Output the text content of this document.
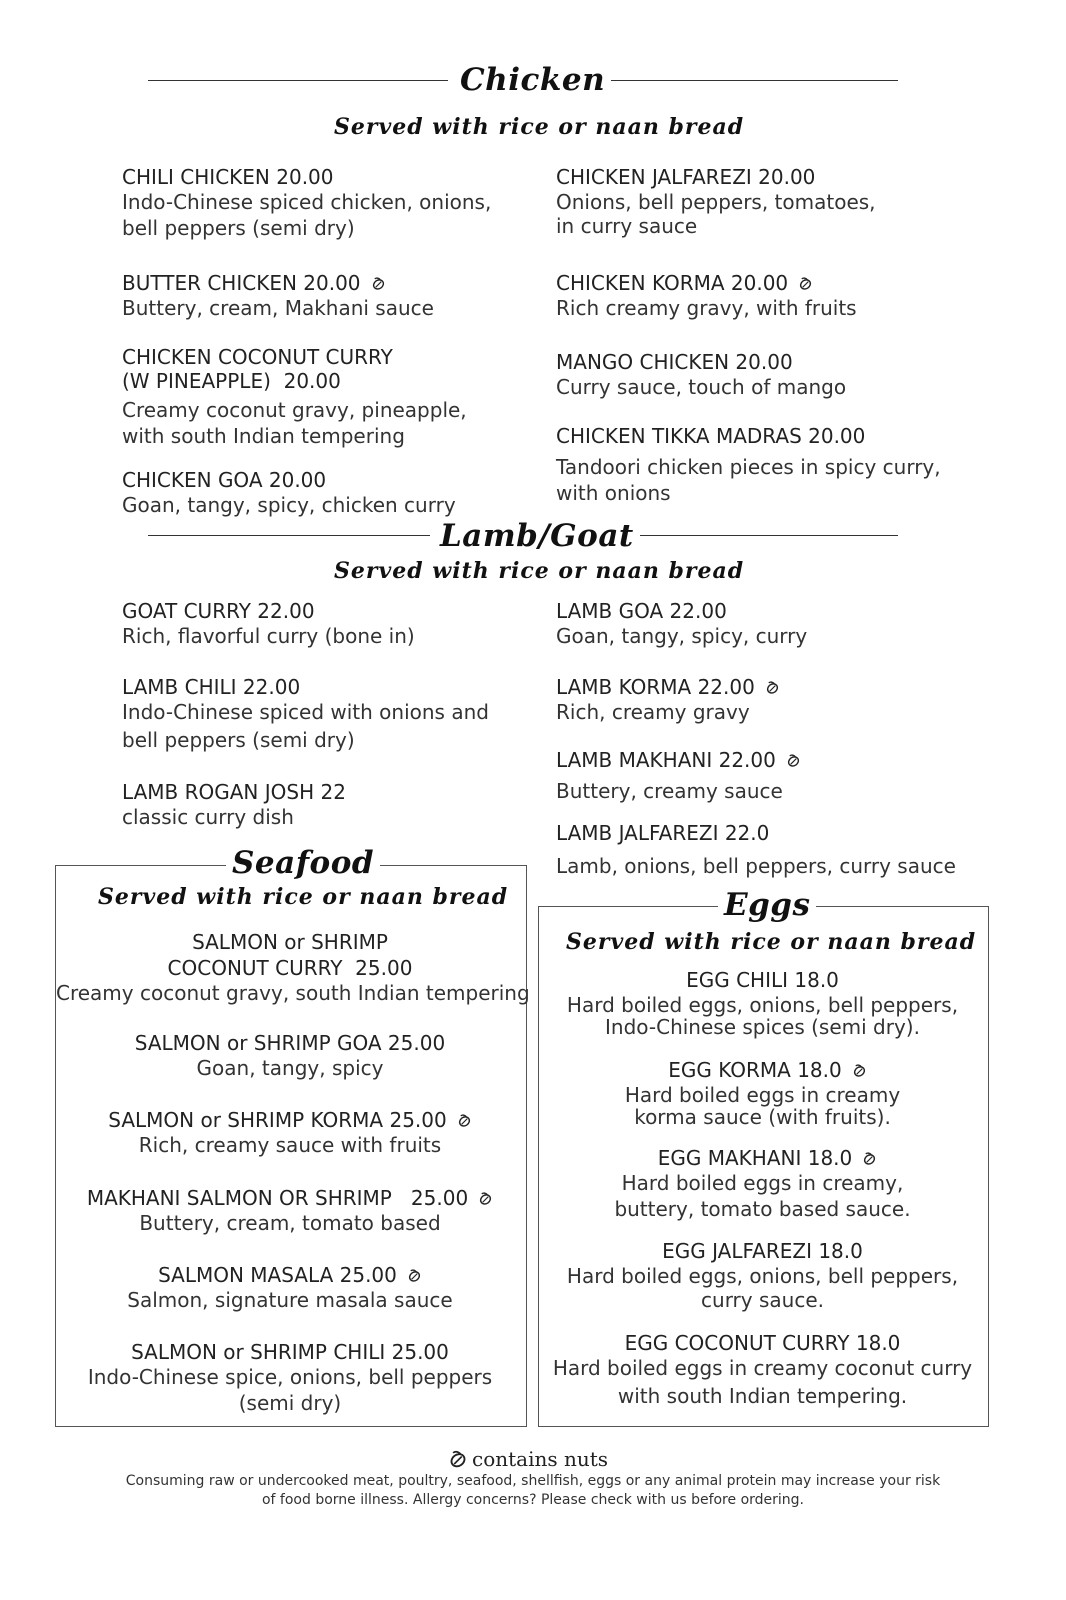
Chicken
Served with rice or naan bread
CHILI CHICKEN 20.00
Indo-Chinese spiced chicken, onions,
bell peppers (semi dry)
BUTTER CHICKEN 20.00
Buttery, cream, Makhani sauce
CHICKEN COCONUT CURRY
(W PINEAPPLE)  20.00
Creamy coconut gravy, pineapple,
with south Indian tempering
CHICKEN GOA 20.00
Goan, tangy, spicy, chicken curry
CHICKEN JALFAREZI 20.00
Onions, bell peppers, tomatoes,
in curry sauce
CHICKEN KORMA 20.00
Rich creamy gravy, with fruits
MANGO CHICKEN 20.00
Curry sauce, touch of mango
CHICKEN TIKKA MADRAS 20.00
Tandoori chicken pieces in spicy curry,
with onions
Lamb/Goat
Served with rice or naan bread
GOAT CURRY 22.00
Rich, flavorful curry (bone in)
LAMB CHILI 22.00
Indo-Chinese spiced with onions and
bell peppers (semi dry)
LAMB ROGAN JOSH 22
classic curry dish
LAMB GOA 22.00
Goan, tangy, spicy, curry
LAMB KORMA 22.00
Rich, creamy gravy
LAMB MAKHANI 22.00
Buttery, creamy sauce
LAMB JALFAREZI 22.0
Lamb, onions, bell peppers, curry sauce
Seafood
Served with rice or naan bread
SALMON or SHRIMP
COCONUT CURRY  25.00
Creamy coconut gravy, south Indian tempering
SALMON or SHRIMP GOA 25.00
Goan, tangy, spicy
SALMON or SHRIMP KORMA 25.00
Rich, creamy sauce with fruits
MAKHANI SALMON OR SHRIMP   25.00
Buttery, cream, tomato based
SALMON MASALA 25.00
Salmon, signature masala sauce
SALMON or SHRIMP CHILI 25.00
Indo-Chinese spice, onions, bell peppers
(semi dry)
Eggs
Served with rice or naan bread
EGG CHILI 18.0
Hard boiled eggs, onions, bell peppers,
Indo-Chinese spices (semi dry).
EGG KORMA 18.0
Hard boiled eggs in creamy
korma sauce (with fruits).
EGG MAKHANI 18.0
Hard boiled eggs in creamy,
buttery, tomato based sauce.
EGG JALFAREZI 18.0
Hard boiled eggs, onions, bell peppers,
curry sauce.
EGG COCONUT CURRY 18.0
Hard boiled eggs in creamy coconut curry
with south Indian tempering.
contains nuts
Consuming raw or undercooked meat, poultry, seafood, shellfish, eggs or any animal protein may increase your risk
of food borne illness. Allergy concerns? Please check with us before ordering.
